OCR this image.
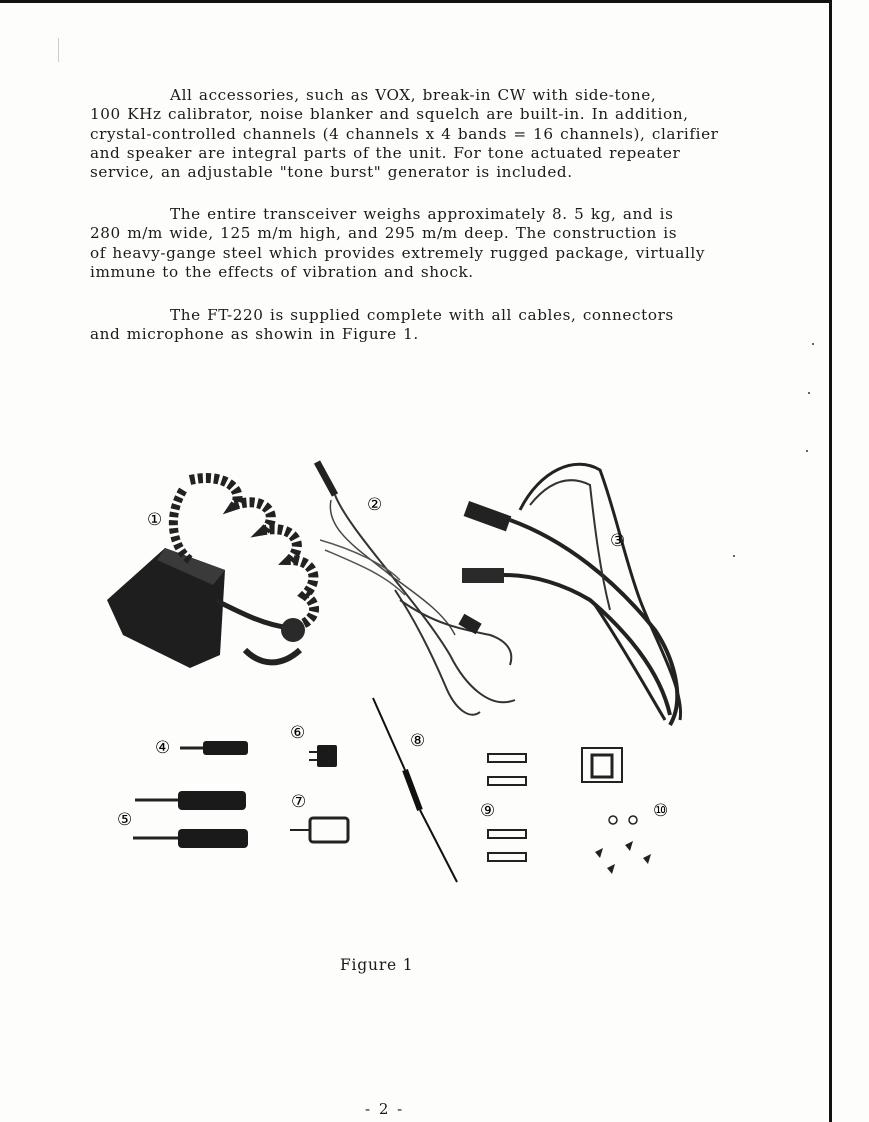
All accessories, such as VOX, break-in CW with side-tone,
100 KHz calibrator, noise blanker and squelch are built-in. In addition,
crystal-controlled channels (4 channels x 4 bands = 16 channels), clarifier
and speaker are integral parts of the unit. For tone actuated repeater
service, an adjustable "tone burst" generator is included.
The entire transceiver weighs approximately 8. 5 kg, and is
280 m/m wide, 125 m/m high, and 295 m/m deep. The construction is
of heavy-gange steel which provides extremely rugged package, virtually
immune to the effects of vibration and shock.
The FT-220 is supplied complete with all cables, connectors
and microphone as showin in Figure 1.
①
②
③
④
⑤
⑥
⑦
⑧
⑨	⑩
Figure 1
- 2 -
